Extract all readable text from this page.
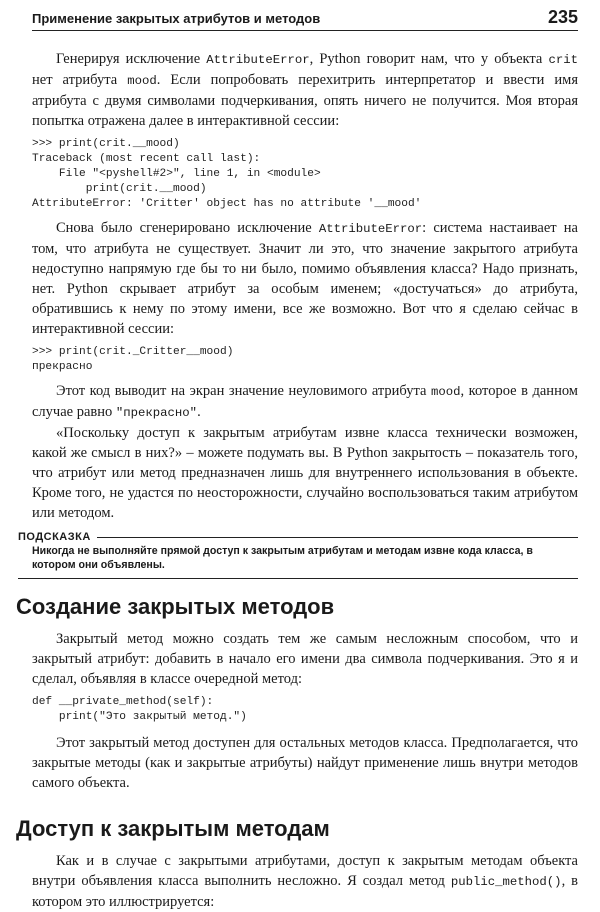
Применение закрытых атрибутов и методов	235

Генерируя исключение AttributeError, Python говорит нам, что у объекта crit нет атрибута mood. Если попробовать перехитрить интерпретатор и ввести имя атрибута с двумя символами подчеркивания, опять ничего не получится. Моя вторая попытка отражена далее в интерактивной сессии:

>>> print(crit.__mood)
Traceback (most recent call last):
File "<pyshell#2>", line 1, in <module>
print(crit.__mood)
AttributeError: 'Critter' object has no attribute '__mood'

Снова было сгенерировано исключение AttributeError: система настаивает на том, что атрибута не существует. Значит ли это, что значение закрытого атрибута недоступно напрямую где бы то ни было, помимо объявления класса? Надо признать, нет. Python скрывает атрибут за особым именем; «достучаться» до атрибута, обратившись к нему по этому имени, все же возможно. Вот что я сделаю сейчас в интерактивной сессии:

>>> print(crit._Critter__mood)
прекрасно

Этот код выводит на экран значение неуловимого атрибута mood, которое в данном случае равно "прекрасно".

«Поскольку доступ к закрытым атрибутам извне класса технически возможен, какой же смысл в них?» – можете подумать вы. В Python закрытость – показатель того, что атрибут или метод предназначен лишь для внутреннего использования в объекте. Кроме того, не удастся по неосторожности, случайно воспользоваться таким атрибутом или методом.

ПОДСКАЗКА
Никогда не выполняйте прямой доступ к закрытым атрибутам и методам извне кода класса, в котором они объявлены.
Создание закрытых методов

Закрытый метод можно создать тем же самым несложным способом, что и закрытый атрибут: добавить в начало его имени два символа подчеркивания. Это я и сделал, объявляя в классе очередной метод:

def __private_method(self):
print("Это закрытый метод.")

Этот закрытый метод доступен для остальных методов класса. Предполагается, что закрытые методы (как и закрытые атрибуты) найдут применение лишь внутри методов самого объекта.

Доступ к закрытым методам

Как и в случае с закрытыми атрибутами, доступ к закрытым методам объекта внутри объявления класса выполнить несложно. Я создал метод public_method(), в котором это иллюстрируется:
